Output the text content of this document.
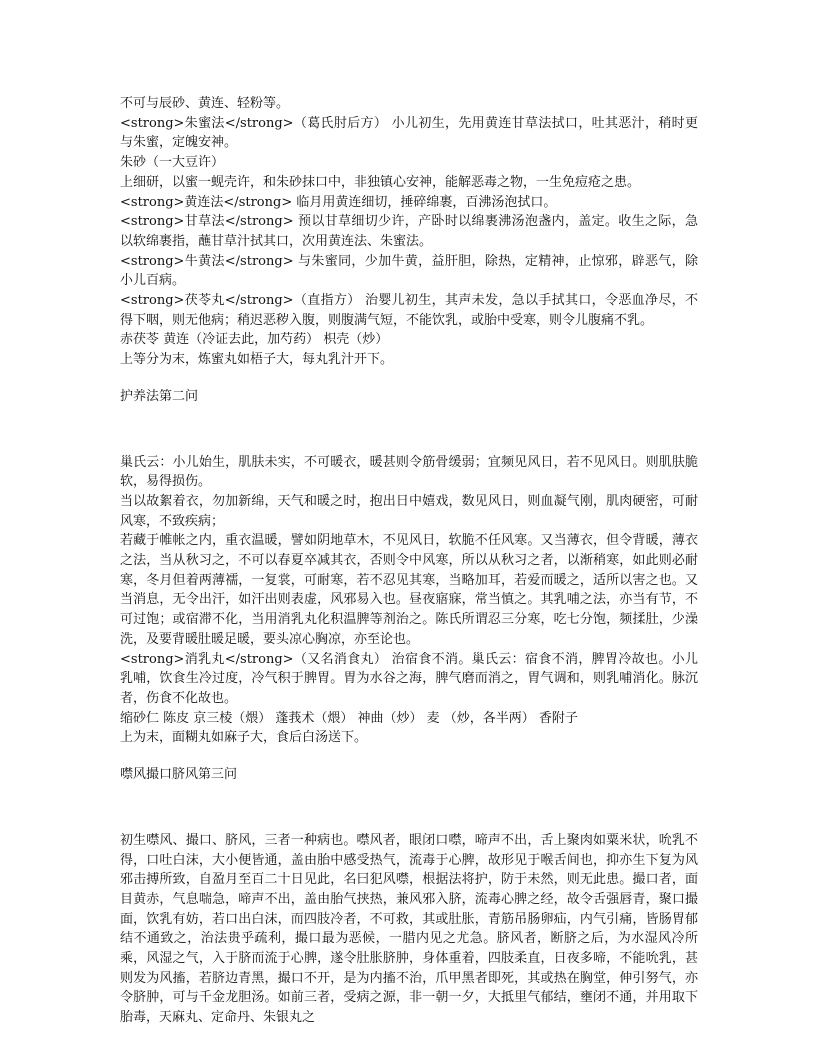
不可与辰砂、黄连、轻粉等。

<strong>朱蜜法</strong>（葛氏肘后方） 小儿初生，先用黄连甘草法拭口，吐其恶汁，稍时更与朱蜜，定魄安神。

朱砂（一大豆许）

上细研，以蜜一蚬壳许，和朱砂抹口中，非独镇心安神，能解恶毒之物，一生免痘疮之患。

<strong>黄连法</strong> 临月用黄连细切，捶碎绵裹，百沸汤泡拭口。

<strong>甘草法</strong> 预以甘草细切少许，产卧时以绵裹沸汤泡盏内，盖定。收生之际，急以软绵裹指，蘸甘草汁拭其口，次用黄连法、朱蜜法。

<strong>牛黄法</strong> 与朱蜜同，少加牛黄，益肝胆，除热，定精神，止惊邪，辟恶气，除小儿百病。

<strong>茯苓丸</strong>（直指方） 治婴儿初生，其声未发，急以手拭其口，令恶血净尽，不得下咽，则无他病；稍迟恶秽入腹，则腹满气短，不能饮乳，或胎中受寒，则令儿腹痛不乳。

赤茯苓 黄连（冷证去此，加芍药） 枳壳（炒）

上等分为末，炼蜜丸如梧子大，每丸乳汁开下。

护养法第二问

巢氏云：小儿始生，肌肤未实，不可暖衣，暖甚则令筋骨缓弱；宜频见风日，若不见风日。则肌肤脆软，易得损伤。

当以故絮着衣，勿加新绵，天气和暖之时，抱出日中嬉戏，数见风日，则血凝气刚，肌肉硬密，可耐风寒，不致疾病；

若藏于帷帐之内，重衣温暖，譬如阴地草木，不见风日，软脆不任风寒。又当薄衣，但令背暖，薄衣之法，当从秋习之，不可以春夏卒减其衣，否则令中风寒，所以从秋习之者，以渐稍寒，如此则必耐寒，冬月但着两薄襦，一复裳，可耐寒，若不忍见其寒，当略加耳，若爱而暖之，适所以害之也。又当消息，无令出汗，如汗出则表虚，风邪易入也。昼夜寤寐，常当慎之。其乳哺之法，亦当有节，不可过饱；或宿滞不化，当用消乳丸化积温脾等剂治之。陈氏所谓忍三分寒，吃七分饱，频揉肚，少澡洗，及要背暖肚暖足暖，要头凉心胸凉，亦至论也。

<strong>消乳丸</strong>（又名消食丸） 治宿食不消。巢氏云：宿食不消，脾胃冷故也。小儿乳哺，饮食生冷过度，冷气积于脾胃。胃为水谷之海，脾气磨而消之，胃气调和，则乳哺消化。脉沉者，伤食不化故也。

缩砂仁 陈皮 京三棱（煨） 蓬莪术（煨） 神曲（炒） 麦 （炒，各半两） 香附子

上为末，面糊丸如麻子大，食后白汤送下。

噤风撮口脐风第三问

初生噤风、撮口、脐风，三者一种病也。噤风者，眼闭口噤，啼声不出，舌上聚肉如粟米状，吮乳不得，口吐白沫，大小便皆通，盖由胎中感受热气，流毒于心脾，故形见于喉舌间也，抑亦生下复为风邪击搏所致，自盈月至百二十日见此，名曰犯风噤，根据法将护，防于未然，则无此患。撮口者，面目黄赤，气息喘急，啼声不出，盖由胎气挟热，兼风邪入脐，流毒心脾之经，故令舌强唇青，聚口撮面，饮乳有妨，若口出白沫，而四肢冷者，不可救，其或肚胀，青筋吊肠卵疝，内气引痛，皆肠胃郁结不通致之，治法贵乎疏利，撮口最为恶候，一腊内见之尤急。脐风者，断脐之后，为水湿风冷所乘，风湿之气，入于脐而流于心脾，遂令肚胀脐肿，身体重着，四肢柔直，日夜多啼，不能吮乳，甚则发为风搐，若脐边青黑，撮口不开，是为内搐不治，爪甲黑者即死，其或热在胸堂，伸引努气，亦令脐肿，可与千金龙胆汤。如前三者，受病之源，非一朝一夕，大抵里气郁结，壅闭不通，并用取下胎毒，天麻丸、定命丹、朱银丸之
